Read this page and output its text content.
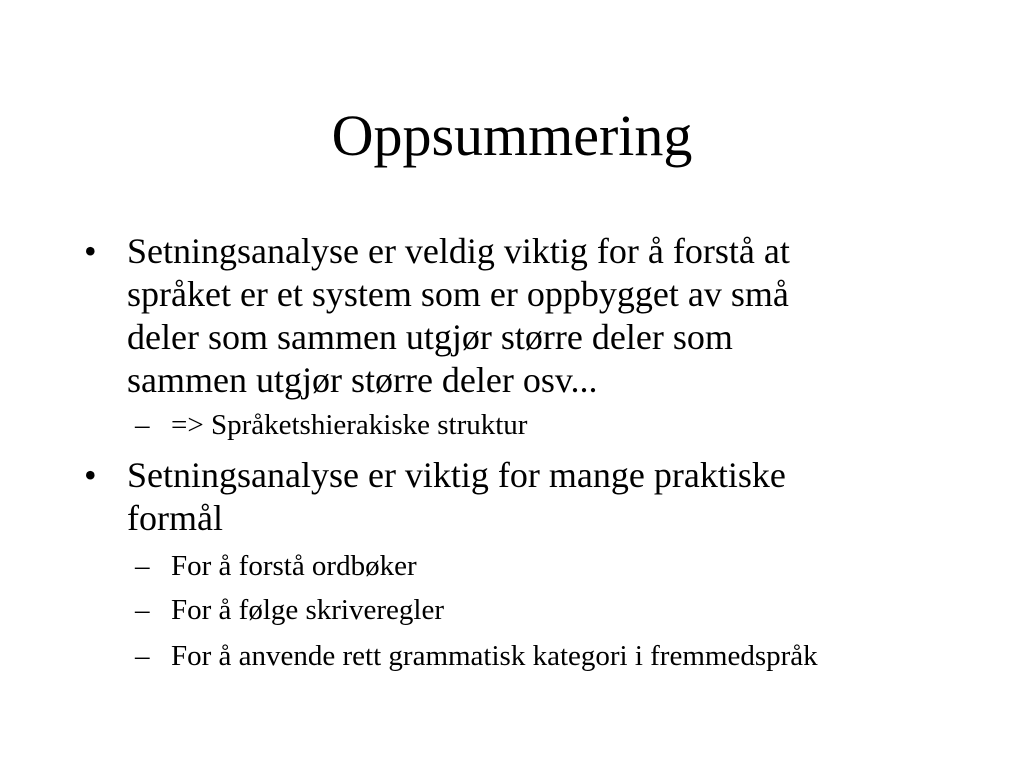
Oppsummering
• Setningsanalyse er veldig viktig for å forstå at
språket er et system som er oppbygget av små
deler som sammen utgjør større deler som
sammen utgjør større deler osv...
– => Språketshierakiske struktur
• Setningsanalyse er viktig for mange praktiske
formål
– For å forstå ordbøker
– For å følge skriveregler
– For å anvende rett grammatisk kategori i fremmedspråk
